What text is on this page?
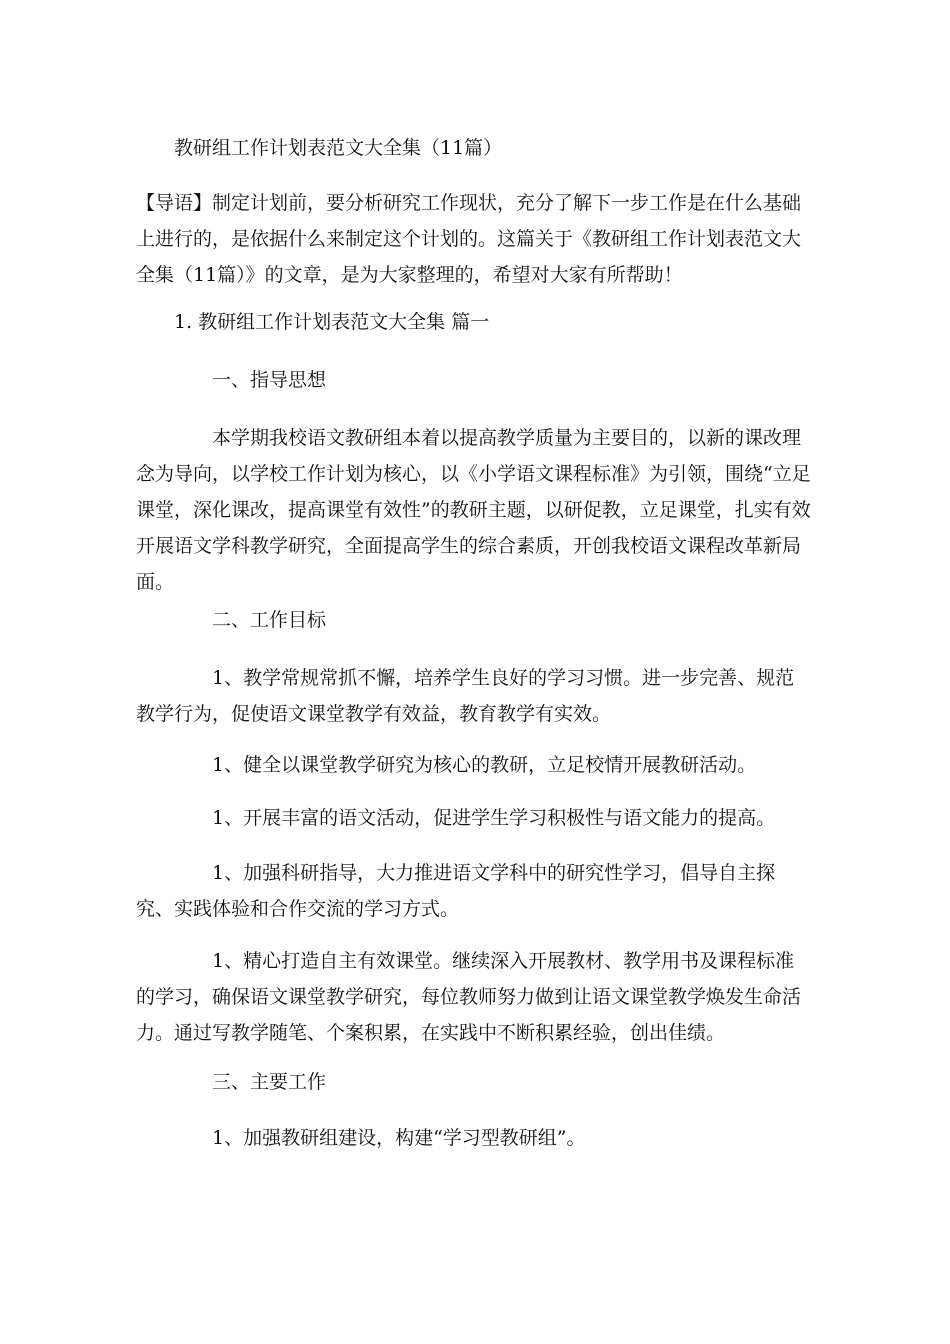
教研组工作计划表范文大全集（11篇）

【导语】制定计划前，要分析研究工作现状，充分了解下一步工作是在什么基础上进行的，是依据什么来制定这个计划的。这篇关于《教研组工作计划表范文大全集（11篇）》的文章，是为大家整理的，希望对大家有所帮助！

1. 教研组工作计划表范文大全集 篇一

一、指导思想

本学期我校语文教研组本着以提高教学质量为主要目的，以新的课改理念为导向，以学校工作计划为核心，以《小学语文课程标准》为引领，围绕“立足课堂，深化课改，提高课堂有效性”的教研主题，以研促教，立足课堂，扎实有效开展语文学科教学研究，全面提高学生的综合素质，开创我校语文课程改革新局面。

二、工作目标

1、教学常规常抓不懈，培养学生良好的学习习惯。进一步完善、规范教学行为，促使语文课堂教学有效益，教育教学有实效。

1、健全以课堂教学研究为核心的教研，立足校情开展教研活动。

1、开展丰富的语文活动，促进学生学习积极性与语文能力的提高。

1、加强科研指导，大力推进语文学科中的研究性学习，倡导自主探究、实践体验和合作交流的学习方式。

1、精心打造自主有效课堂。继续深入开展教材、教学用书及课程标准的学习，确保语文课堂教学研究，每位教师努力做到让语文课堂教学焕发生命活力。通过写教学随笔、个案积累，在实践中不断积累经验，创出佳绩。

三、主要工作

1、加强教研组建设，构建“学习型教研组”。
